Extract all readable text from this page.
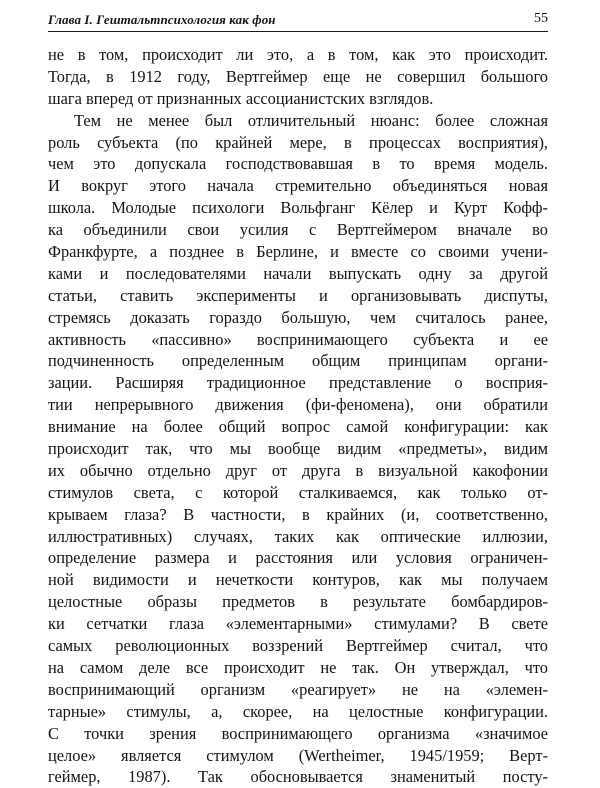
Глава I. Гештальтпсихология как фон	55
не в том, происходит ли это, а в том, как это происходит.
Тогда, в 1912 году, Вертгеймер еще не совершил большого
шага вперед от признанных ассоцианистских взглядов.
Тем не менее был отличительный нюанс: более сложная
роль субъекта (по крайней мере, в процессах восприятия),
чем это допускала господствовавшая в то время модель.
И вокруг этого начала стремительно объединяться новая
школа. Молодые психологи Вольфганг Кёлер и Курт Кофф-
ка объединили свои усилия с Вертгеймером вначале во
Франкфурте, а позднее в Берлине, и вместе со своими учени-
ками и последователями начали выпускать одну за другой
статьи, ставить эксперименты и организовывать диспуты,
стремясь доказать гораздо большую, чем считалось ранее,
активность «пассивно» воспринимающего субъекта и ее
подчиненность определенным общим принципам органи-
зации. Расширяя традиционное представление о восприя-
тии непрерывного движения (фи-феномена), они обратили
внимание на более общий вопрос самой конфигурации: как
происходит так, что мы вообще видим «предметы», видим
их обычно отдельно друг от друга в визуальной какофонии
стимулов света, с которой сталкиваемся, как только от-
крываем глаза? В частности, в крайних (и, соответственно,
иллюстративных) случаях, таких как оптические иллюзии,
определение размера и расстояния или условия ограничен-
ной видимости и нечеткости контуров, как мы получаем
целостные образы предметов в результате бомбардиров-
ки сетчатки глаза «элементарными» стимулами? В свете
самых революционных воззрений Вертгеймер считал, что
на самом деле все происходит не так. Он утверждал, что
воспринимающий организм «реагирует» не на «элемен-
тарные» стимулы, а, скорее, на целостные конфигурации.
С точки зрения воспринимающего организма «значимое
целое» является стимулом (Wertheimer, 1945/1959; Верт-
геймер, 1987). Так обосновывается знаменитый посту-
